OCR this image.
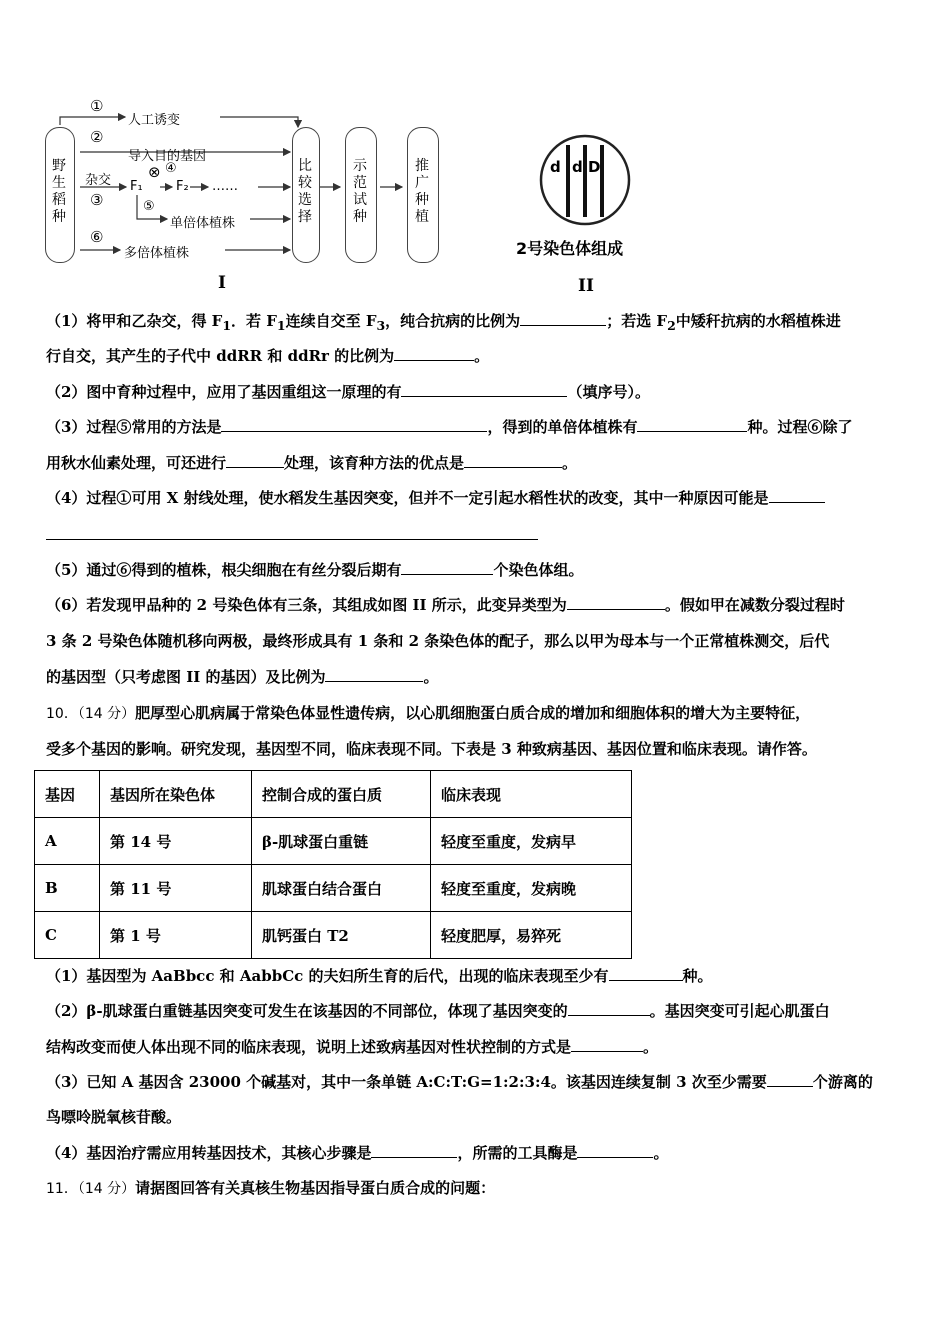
野生稻种
比较选择
示范试种
推广种植
①
人工诱变
②
导入目的基因
杂交
③
F₁
⊗ ④
F₂ ……
⑤
单倍体植株
⑥
多倍体植株
I
d d D
2号染色体组成
II
（1）将甲和乙杂交，得 $F_1$．若 $F_1$连续自交至 $F_3$，纯合抗病的比例为	；若选 $F_2$中矮秆抗病的水稻植株进
行自交，其产生的子代中 ddRR 和 ddRr 的比例为	。
（2）图中育种过程中，应用了基因重组这一原理的有	（填序号）。
（3）过程⑤常用的方法是	，得到的单倍体植株有	种。过程⑥除了
用秋水仙素处理，可还进行	处理，该育种方法的优点是	。
（4）过程①可用 X 射线处理，使水稻发生基因突变，但并不一定引起水稻性状的改变，其中一种原因可能是
（5）通过⑥得到的植株，根尖细胞在有丝分裂后期有	个染色体组。
（6）若发现甲品种的 2 号染色体有三条，其组成如图 II 所示，此变异类型为	。假如甲在减数分裂过程时
3 条 2 号染色体随机移向两极，最终形成具有 1 条和 2 条染色体的配子，那么以甲为母本与一个正常植株测交，后代
的基因型（只考虑图 II 的基因）及比例为	。
10．（14 分）肥厚型心肌病属于常染色体显性遗传病，以心肌细胞蛋白质合成的增加和细胞体积的增大为主要特征，
受多个基因的影响。研究发现，基因型不同，临床表现不同。下表是 3 种致病基因、基因位置和临床表现。请作答。
基因	基因所在染色体	控制合成的蛋白质	临床表现
A	第 14 号	β-肌球蛋白重链	轻度至重度，发病早
B	第 11 号	肌球蛋白结合蛋白	轻度至重度，发病晚
C	第 1 号	肌钙蛋白 T2	轻度肥厚，易猝死
（1）基因型为 AaBbcc 和 AabbCc 的夫妇所生育的后代，出现的临床表现至少有	种。
（2）β-肌球蛋白重链基因突变可发生在该基因的不同部位，体现了基因突变的	。基因突变可引起心肌蛋白
结构改变而使人体出现不同的临床表现，说明上述致病基因对性状控制的方式是	。
（3）已知 A 基因含 23000 个碱基对，其中一条单链 A:C:T:G=1:2:3:4。该基因连续复制 3 次至少需要	个游离的
鸟嘌呤脱氧核苷酸。
（4）基因治疗需应用转基因技术，其核心步骤是	，所需的工具酶是	。
11．（14 分）请据图回答有关真核生物基因指导蛋白质合成的问题：
